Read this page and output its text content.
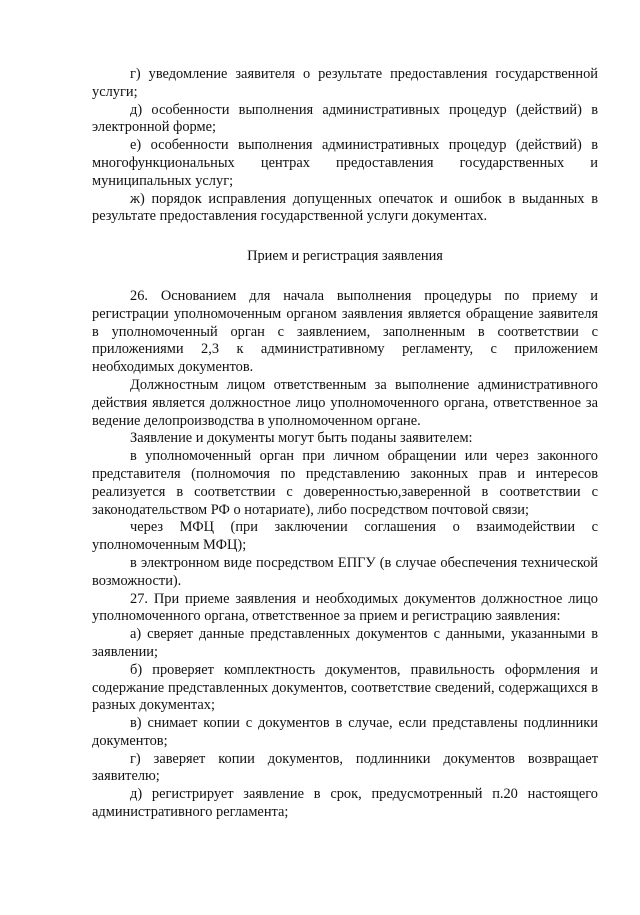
г) уведомление заявителя о результате предоставления государственной услуги;

д) особенности выполнения административных процедур (действий) в электронной форме;

е) особенности выполнения административных процедур (действий) в многофункциональных центрах предоставления государственных и муниципальных услуг;

ж) порядок исправления допущенных опечаток и ошибок в выданных в результате предоставления государственной услуги документах.

Прием и регистрация заявления

26. Основанием для начала выполнения процедуры по приему и регистрации уполномоченным органом заявления является обращение заявителя в уполномоченный орган с заявлением, заполненным в соответствии с приложениями 2,3 к административному регламенту, с приложением необходимых документов.

Должностным лицом ответственным за выполнение административного действия является должностное лицо уполномоченного органа, ответственное за ведение делопроизводства в уполномоченном органе.

Заявление и документы могут быть поданы заявителем:

в уполномоченный орган при личном обращении или через законного представителя (полномочия по представлению законных прав и интересов реализуется в соответствии с доверенностью,заверенной в соответствии с законодательством РФ о нотариате), либо посредством почтовой связи;

через МФЦ (при заключении соглашения о взаимодействии с уполномоченным МФЦ);

в электронном виде посредством ЕПГУ (в случае обеспечения технической возможности).

27. При приеме заявления и необходимых документов должностное лицо уполномоченного органа, ответственное за прием и регистрацию заявления:

а) сверяет данные представленных документов с данными, указанными в заявлении;

б) проверяет комплектность документов, правильность оформления и содержание представленных документов, соответствие сведений, содержащихся в разных документах;

в) снимает копии с документов в случае, если представлены подлинники документов;

г) заверяет копии документов, подлинники документов возвращает заявителю;

д) регистрирует заявление в срок, предусмотренный п.20 настоящего административного регламента;
